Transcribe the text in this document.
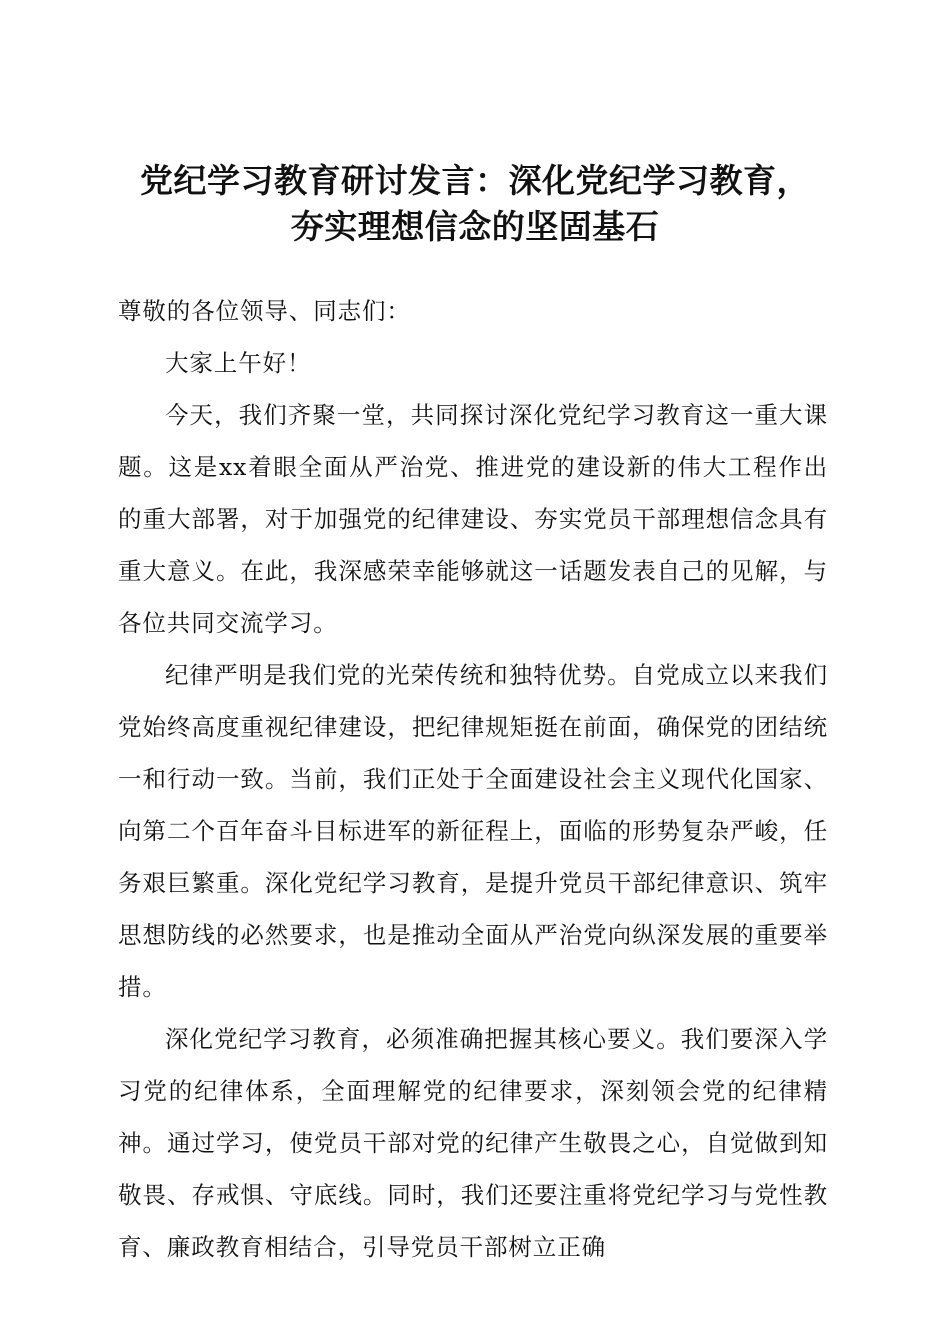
党纪学习教育研讨发言：深化党纪学习教育，
夯实理想信念的坚固基石

尊敬的各位领导、同志们：

大家上午好！

今天，我们齐聚一堂，共同探讨深化党纪学习教育这一重大课题。这是xx着眼全面从严治党、推进党的建设新的伟大工程作出的重大部署，对于加强党的纪律建设、夯实党员干部理想信念具有重大意义。在此，我深感荣幸能够就这一话题发表自己的见解，与各位共同交流学习。

纪律严明是我们党的光荣传统和独特优势。自党成立以来我们党始终高度重视纪律建设，把纪律规矩挺在前面，确保党的团结统一和行动一致。当前，我们正处于全面建设社会主义现代化国家、向第二个百年奋斗目标进军的新征程上，面临的形势复杂严峻，任务艰巨繁重。深化党纪学习教育，是提升党员干部纪律意识、筑牢思想防线的必然要求，也是推动全面从严治党向纵深发展的重要举措。

深化党纪学习教育，必须准确把握其核心要义。我们要深入学习党的纪律体系，全面理解党的纪律要求，深刻领会党的纪律精神。通过学习，使党员干部对党的纪律产生敬畏之心，自觉做到知敬畏、存戒惧、守底线。同时，我们还要注重将党纪学习与党性教育、廉政教育相结合，引导党员干部树立正确
